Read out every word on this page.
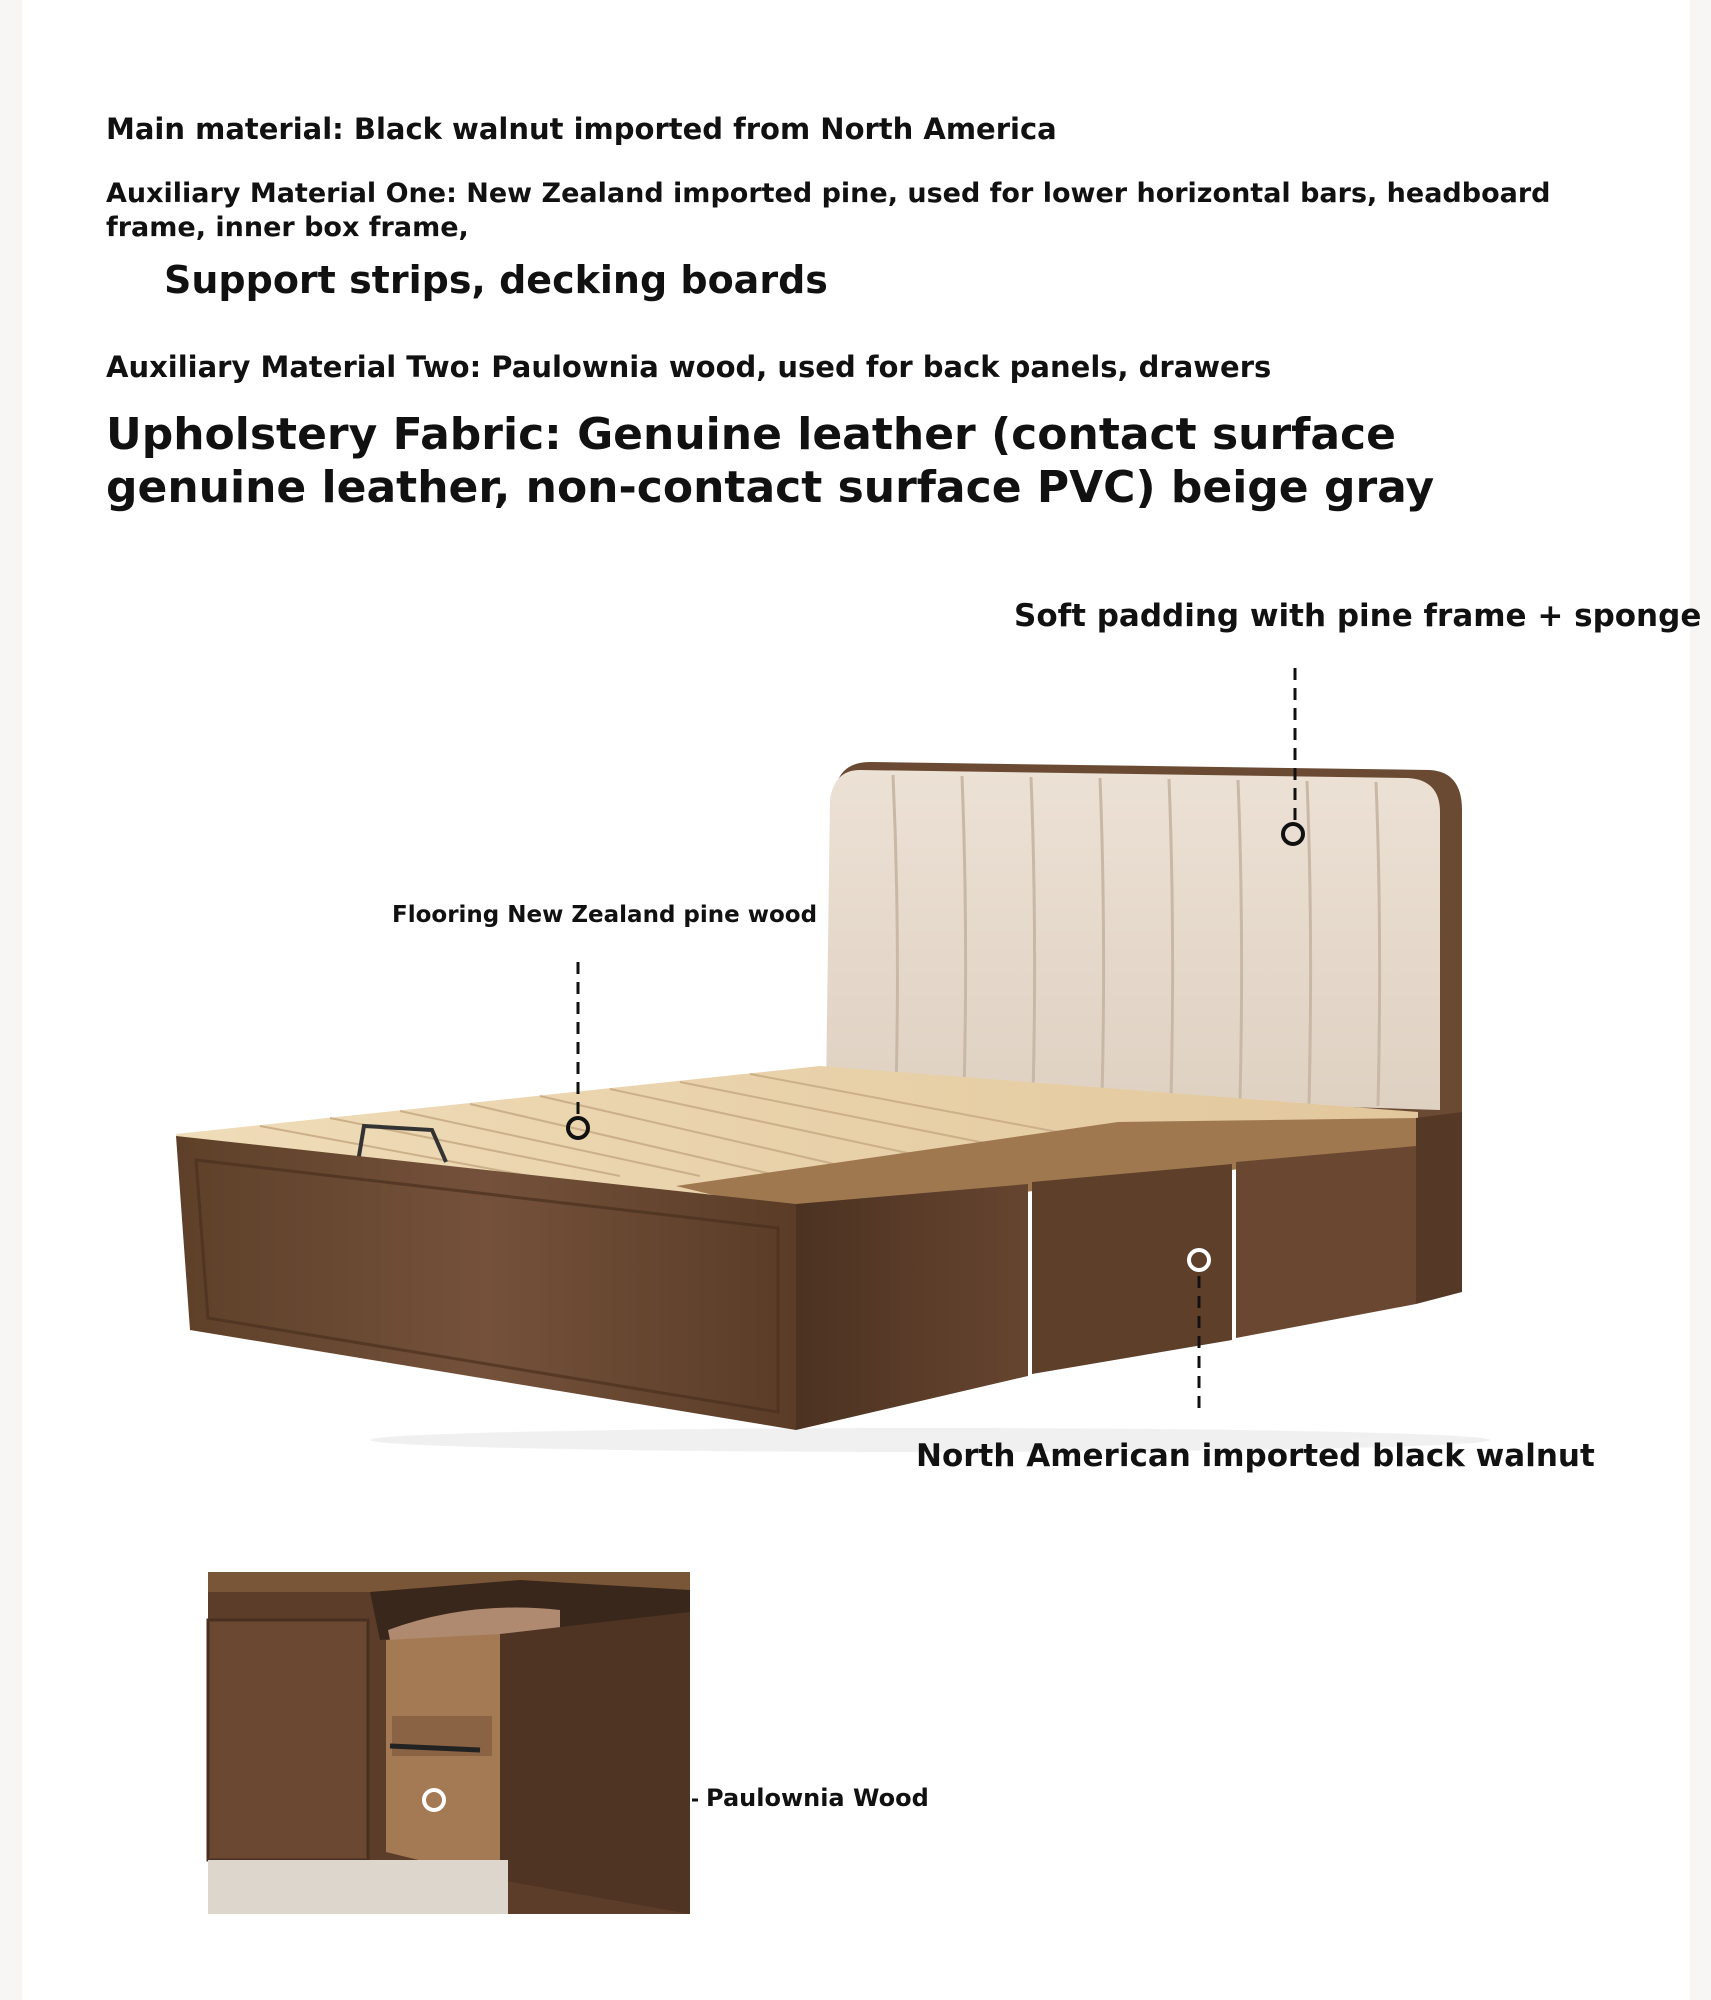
Main material: Black walnut imported from North America

Auxiliary Material One: New Zealand imported pine, used for lower horizontal bars, headboard frame, inner box frame,

Support strips, decking boards

Auxiliary Material Two: Paulownia wood, used for back panels, drawers

Upholstery Fabric: Genuine leather (contact surface genuine leather, non-contact surface PVC) beige gray

Soft padding with pine frame + sponge

Flooring New Zealand pine wood

North American imported black walnut

Paulownia Wood
